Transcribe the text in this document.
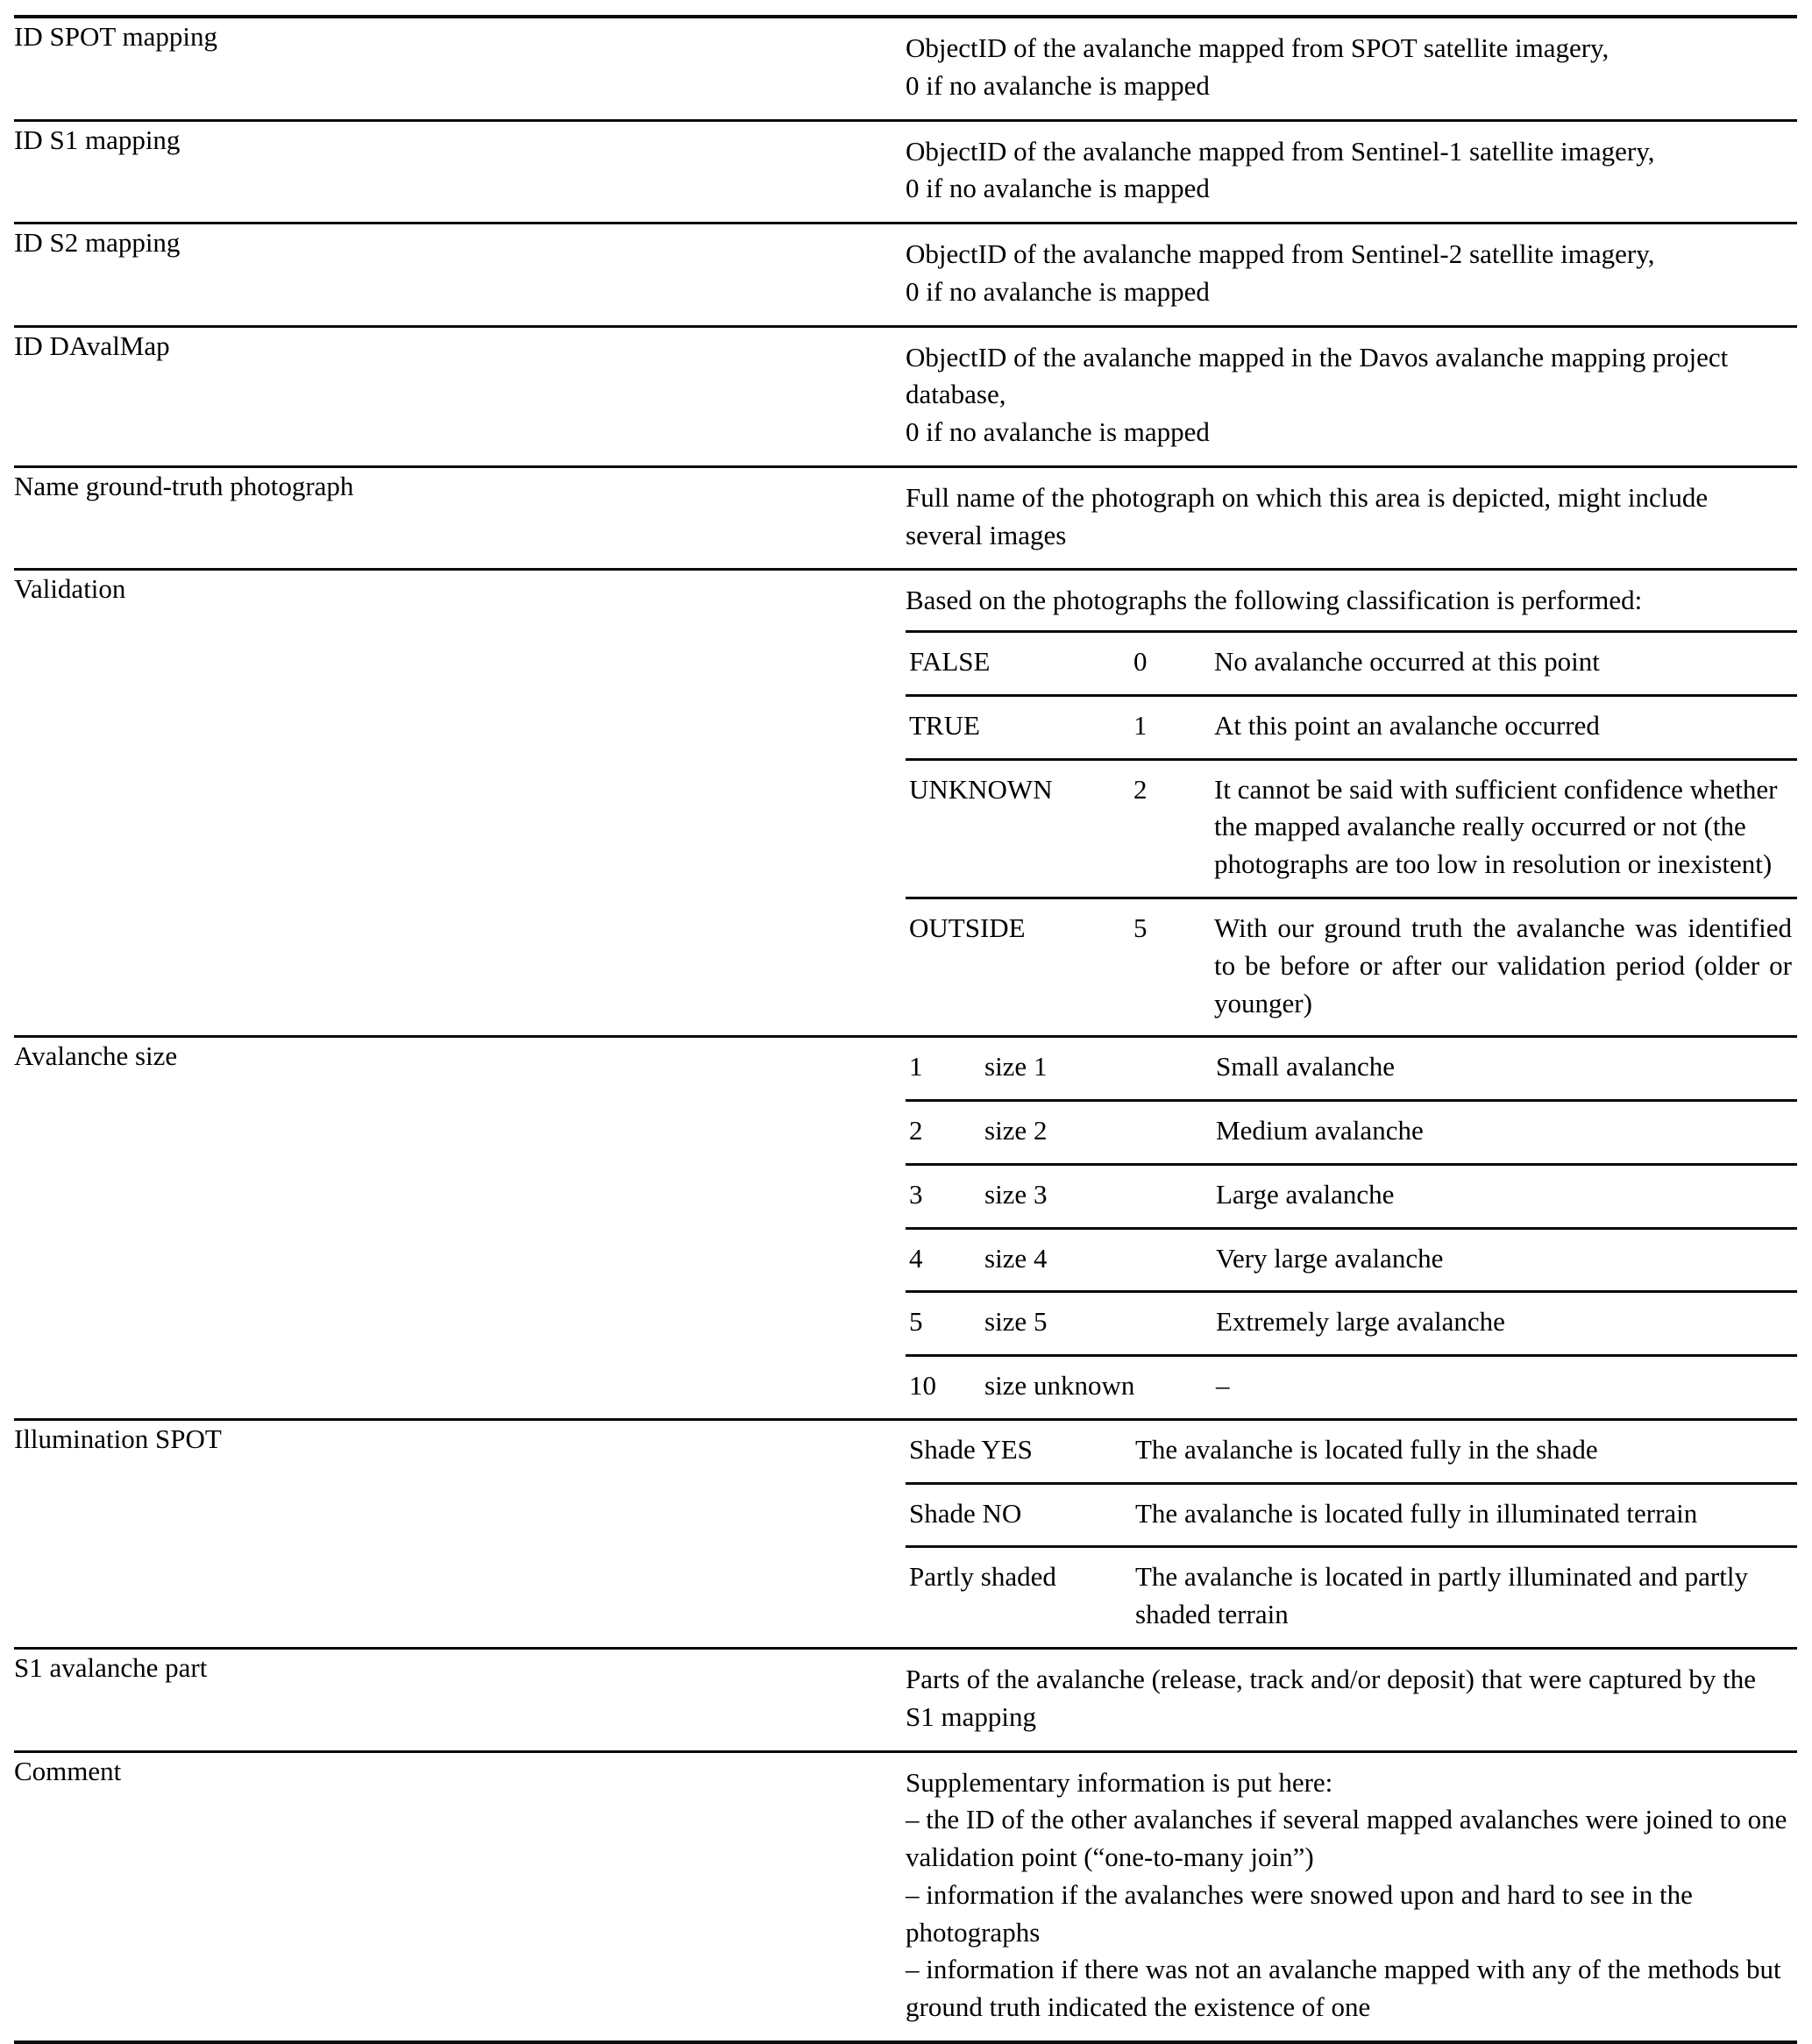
ID SPOT mapping	ObjectID of the avalanche mapped from SPOT satellite imagery,

0 if no avalanche is mapped

ID S1 mapping	ObjectID of the avalanche mapped from Sentinel-1 satellite imagery,

0 if no avalanche is mapped

ID S2 mapping	ObjectID of the avalanche mapped from Sentinel-2 satellite imagery,

0 if no avalanche is mapped

ID DAvalMap	ObjectID of the avalanche mapped in the Davos avalanche mapping project database,

0 if no avalanche is mapped

Name ground-truth photograph	Full name of the photograph on which this area is depicted, might include several images

Validation	Based on the photographs the following classification is performed:

FALSE	0	No avalanche occurred at this point
TRUE	1	At this point an avalanche occurred
UNKNOWN	2	It cannot be said with sufficient confidence whether the mapped avalanche really occurred or not (the photographs are too low in resolution or inexistent)
OUTSIDE	5	With our ground truth the avalanche was identified to be before or after our validation period (older or younger)

Avalanche size		1	size 1	Small avalanche
2	size 2	Medium avalanche
3	size 3	Large avalanche
4	size 4	Very large avalanche
5	size 5	Extremely large avalanche
10	size unknown	–

Illumination SPOT		Shade YES	The avalanche is located fully in the shade
Shade NO	The avalanche is located fully in illuminated terrain
Partly shaded	The avalanche is located in partly illuminated and partly shaded terrain

S1 avalanche part	Parts of the avalanche (release, track and/or deposit) that were captured by the S1 mapping

Comment	Supplementary information is put here:

– the ID of the other avalanches if several mapped avalanches were joined to one validation point (“one-to-many join”)

– information if the avalanches were snowed upon and hard to see in the photographs

– information if there was not an avalanche mapped with any of the methods but ground truth indicated the existence of one
